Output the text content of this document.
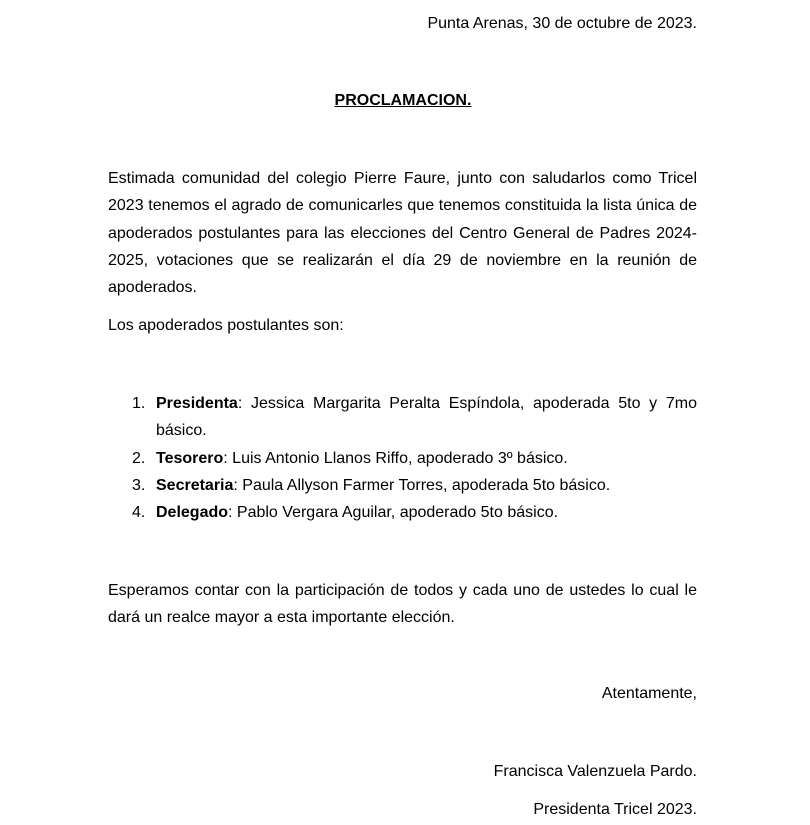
Punta Arenas, 30 de octubre de 2023.
PROCLAMACION.

Estimada comunidad del colegio Pierre Faure, junto con saludarlos como Tricel 2023 tenemos el agrado de comunicarles que tenemos constituida la lista única de apoderados postulantes para las elecciones del Centro General de Padres 2024-2025, votaciones que se realizarán el día 29 de noviembre en la reunión de apoderados.

Los apoderados postulantes son:

1. Presidenta: Jessica Margarita Peralta Espíndola, apoderada 5to y 7mo básico.
2. Tesorero: Luis Antonio Llanos Riffo, apoderado 3º básico.
3. Secretaria: Paula Allyson Farmer Torres, apoderada 5to básico.
4. Delegado: Pablo Vergara Aguilar, apoderado 5to básico.

Esperamos contar con la participación de todos y cada uno de ustedes lo cual le dará un realce mayor a esta importante elección.

Atentamente,
Francisca Valenzuela Pardo.
Presidenta Tricel 2023.
